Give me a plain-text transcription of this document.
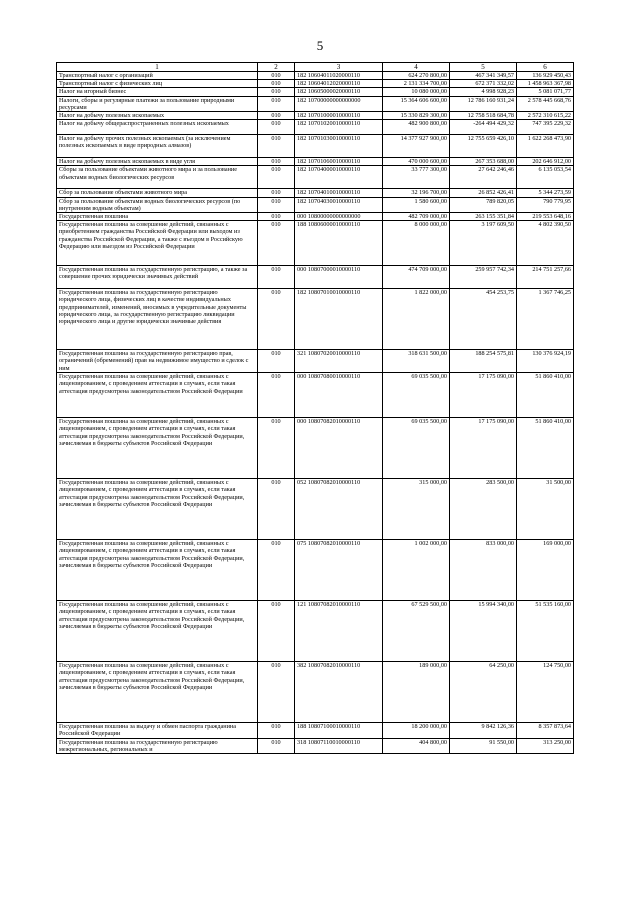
5
1	2	3	4	5	6
Транспортный налог с организаций	010	182 10604011020000110	624 270 800,00	467 341 349,57	136 929 450,43
Транспортный налог с физических лиц	010	182 10604012020000110	2 131 334 700,00	672 371 332,02	1 458 963 367,98
Налог на игорный бизнес	010	182 10605000020000110	10 080 000,00	4 998 928,23	5 081 071,77
Налоги, сборы и регулярные платежи за пользование природными ресурсами	010	182 10700000000000000	15 364 606 600,00	12 786 160 931,24	2 578 445 668,76
Налог на добычу полезных ископаемых	010	182 10701000010000110	15 330 829 300,00	12 758 518 684,78	2 572 310 615,22
Налог на добычу общераспространенных полезных ископаемых	010	182 10701020010000110	482 900 800,00	-264 494 429,32	747 395 229,32
Налог на добычу прочих полезных ископаемых (за исключением полезных ископаемых в виде природных алмазов)	010	182 10701030010000110	14 377 927 900,00	12 755 659 426,10	1 622 268 473,90
Налог на добычу полезных ископаемых в виде угля	010	182 10701060010000110	470 000 600,00	267 353 688,00	202 646 912,00
Сборы за пользование объектами животного мира и за пользование объектами водных биологических ресурсов	010	182 10704000010000110	33 777 300,00	27 642 246,46	6 135 053,54
Сбор за пользование объектами животного мира	010	182 10704010010000110	32 196 700,00	26 852 426,41	5 344 273,59
Сбор за пользование объектами водных биологических ресурсов (по внутренним водным объектам)	010	182 10704030010000110	1 580 600,00	789 820,05	790 779,95
Государственная пошлина	010	000 10800000000000000	482 709 000,00	263 155 351,84	219 553 648,16
Государственная пошлина за совершение действий, связанных с приобретением гражданства Российской Федерации или выходом из гражданства Российской Федерации, а также с въездом в Российскую Федерацию или выездом из Российской Федерации	010	188 10806000010000110	8 000 000,00	3 197 609,50	4 802 390,50
Государственная пошлина за государственную регистрацию, а также за совершение прочих юридически значимых действий	010	000 10807000010000110	474 709 000,00	259 957 742,34	214 751 257,66
Государственная пошлина за государственную регистрацию юридического лица, физических лиц в качестве индивидуальных предпринимателей, изменений, вносимых в учредительные документы юридического лица, за государственную регистрацию ликвидации юридического лица и другие юридически значимые действия	010	182 10807010010000110	1 822 000,00	454 253,75	1 367 746,25
Государственная пошлина за государственную регистрацию прав, ограничений (обременений) прав на недвижимое имущество и сделок с ним	010	321 10807020010000110	318 631 500,00	188 254 575,81	130 376 924,19
Государственная пошлина за совершение действий, связанных с лицензированием, с проведением аттестации в случаях, если такая аттестация предусмотрена законодательством Российской Федерации	010	000 10807080010000110	69 035 500,00	17 175 090,00	51 860 410,00
Государственная пошлина за совершение действий, связанных с лицензированием, с проведением аттестации в случаях, если такая аттестация предусмотрена законодательством Российской Федерации, зачисляемая в бюджеты субъектов Российской Федерации	010	000 10807082010000110	69 035 500,00	17 175 090,00	51 860 410,00
Государственная пошлина за совершение действий, связанных с лицензированием, с проведением аттестации в случаях, если такая аттестация предусмотрена законодательством Российской Федерации, зачисляемая в бюджеты субъектов Российской Федерации	010	052 10807082010000110	315 000,00	283 500,00	31 500,00
Государственная пошлина за совершение действий, связанных с лицензированием, с проведением аттестации в случаях, если такая аттестация предусмотрена законодательством Российской Федерации, зачисляемая в бюджеты субъектов Российской Федерации	010	075 10807082010000110	1 002 000,00	833 000,00	169 000,00
Государственная пошлина за совершение действий, связанных с лицензированием, с проведением аттестации в случаях, если такая аттестация предусмотрена законодательством Российской Федерации, зачисляемая в бюджеты субъектов Российской Федерации	010	121 10807082010000110	67 529 500,00	15 994 340,00	51 535 160,00
Государственная пошлина за совершение действий, связанных с лицензированием, с проведением аттестации в случаях, если такая аттестация предусмотрена законодательством Российской Федерации, зачисляемая в бюджеты субъектов Российской Федерации	010	382 10807082010000110	189 000,00	64 250,00	124 750,00
Государственная пошлина за выдачу и обмен паспорта гражданина Российской Федерации	010	188 10807100010000110	18 200 000,00	9 842 126,36	8 357 873,64
Государственная пошлина за государственную регистрацию межрегиональных, региональных и	010	318 10807110010000110	404 800,00	91 550,00	313 250,00
